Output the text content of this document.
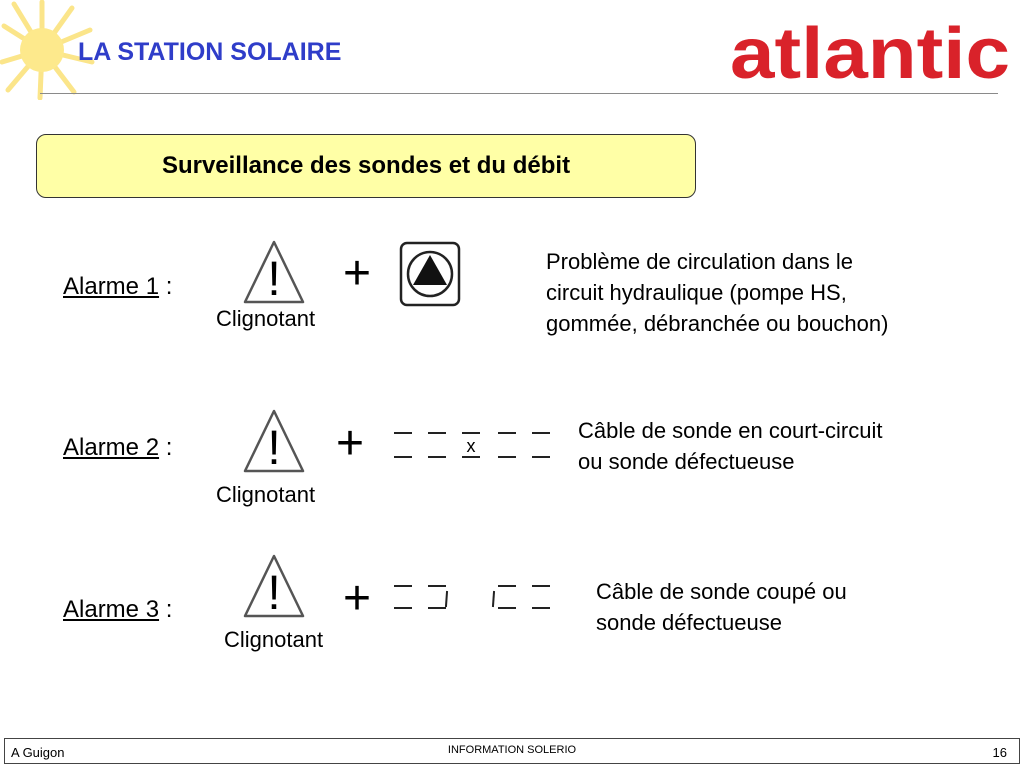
LA STATION SOLAIRE	atlantic
Surveillance des sondes et du débit
Alarme 1 : !
Clignotant
+	Problème de circulation dans le
circuit hydraulique (pompe HS,
gommée, débranchée ou bouchon)
Alarme 2 : !
Clignotant
+	x
Câble de sonde en court-circuit
ou sonde défectueuse
Alarme 3 : !
Clignotant
+	Câble de sonde coupé ou
sonde défectueuse
A Guigon	INFORMATION SOLERIO	16
